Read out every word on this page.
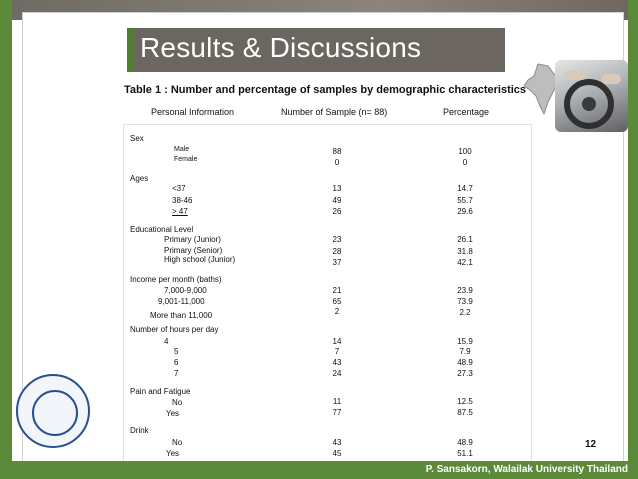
Results & Discussions
Table 1 : Number and percentage of samples by demographic characteristics
Personal Information	Number of Sample (n= 88)	Percentage
Sex
Male	88	100
Female	0	0
Ages
<37	13	14.7
38-46	49	55.7
> 47	26	29.6
Educational Level
Primary (Junior)	23	26.1
Primary (Senior)	28	31.8
High school (Junior)	37	42.1
Income per month (baths)
7,000-9,000	21	23.9
9,001-11,000	65	73.9
More than 11,000	2	2.2
Number of hours per day
4	14	15.9
5	7	7.9
6	43	48.9
7	24	27.3
Pain and Fatigue
No	11	12.5
Yes	77	87.5
Drink
No	43	48.9
Yes	45	51.1
12
P. Sansakorn, Walailak University Thailand
